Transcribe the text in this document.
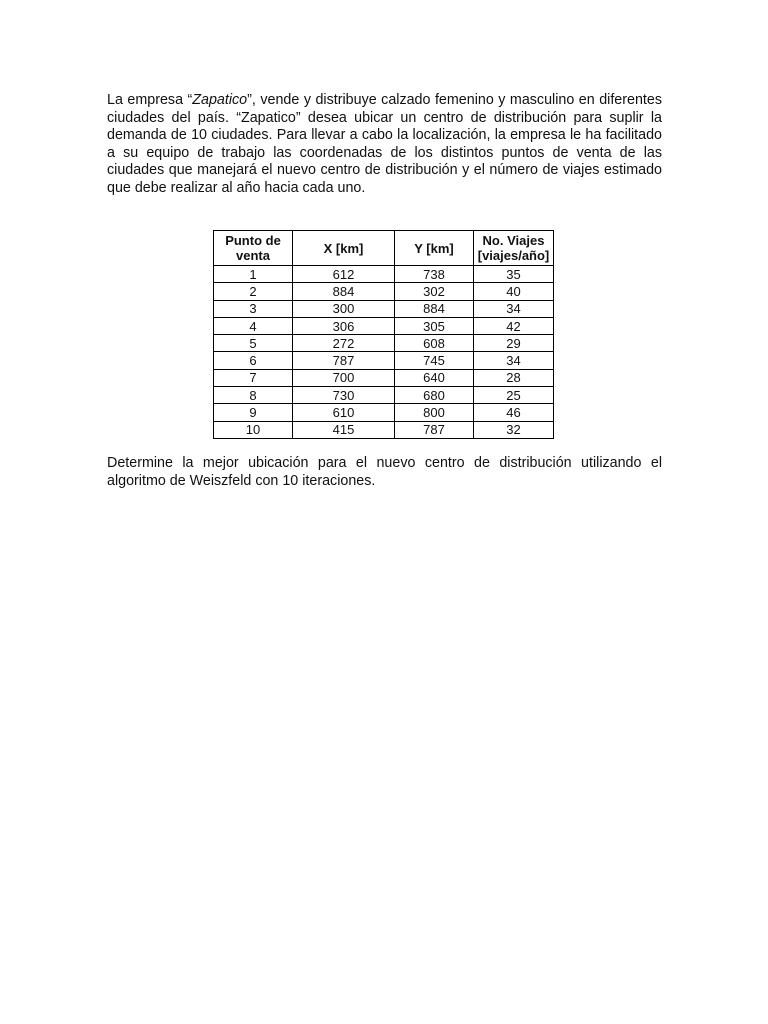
La empresa “Zapatico”, vende y distribuye calzado femenino y masculino en diferentes ciudades del país. “Zapatico” desea ubicar un centro de distribución para suplir la demanda de 10 ciudades. Para llevar a cabo la localización, la empresa le ha facilitado a su equipo de trabajo las coordenadas de los distintos puntos de venta de las ciudades que manejará el nuevo centro de distribución y el número de viajes estimado que debe realizar al año hacia cada uno.

Punto de
venta	X [km]	Y [km]	No. Viajes
[viajes/año]
1	612	738	35
2	884	302	40
3	300	884	34
4	306	305	42
5	272	608	29
6	787	745	34
7	700	640	28
8	730	680	25
9	610	800	46
10	415	787	32

Determine la mejor ubicación para el nuevo centro de distribución utilizando el algoritmo de Weiszfeld con 10 iteraciones.
